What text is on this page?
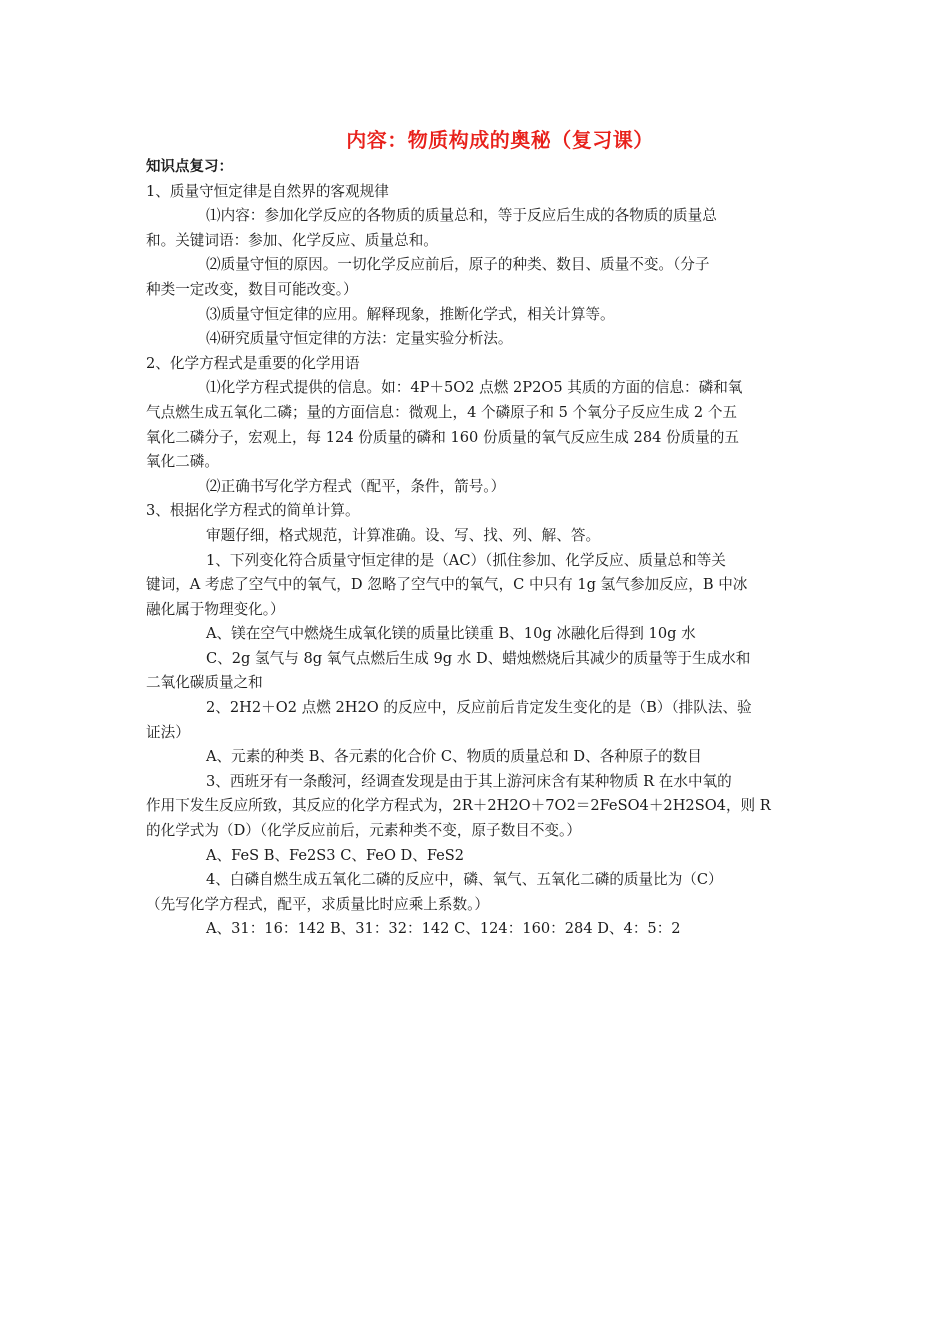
内容：物质构成的奥秘（复习课）

知识点复习：

1、质量守恒定律是自然界的客观规律

⑴内容：参加化学反应的各物质的质量总和，等于反应后生成的各物质的质量总

和。关键词语：参加、化学反应、质量总和。

⑵质量守恒的原因。一切化学反应前后，原子的种类、数目、质量不变。（分子

种类一定改变，数目可能改变。）

⑶质量守恒定律的应用。解释现象，推断化学式，相关计算等。

⑷研究质量守恒定律的方法：定量实验分析法。

2、化学方程式是重要的化学用语

⑴化学方程式提供的信息。如：4P＋5O2 点燃 2P2O5 其质的方面的信息：磷和氧

气点燃生成五氧化二磷；量的方面信息：微观上，4 个磷原子和 5 个氧分子反应生成 2 个五

氧化二磷分子，宏观上，每 124 份质量的磷和 160 份质量的氧气反应生成 284 份质量的五

氧化二磷。

⑵正确书写化学方程式（配平，条件，箭号。）

3、根据化学方程式的简单计算。

审题仔细，格式规范，计算准确。设、写、找、列、解、答。

1、下列变化符合质量守恒定律的是（AC）（抓住参加、化学反应、质量总和等关

键词，A 考虑了空气中的氧气，D 忽略了空气中的氧气，C 中只有 1g 氢气参加反应，B 中冰

融化属于物理变化。）

A、镁在空气中燃烧生成氧化镁的质量比镁重 B、10g 冰融化后得到 10g 水

C、2g 氢气与 8g 氧气点燃后生成 9g 水 D、蜡烛燃烧后其减少的质量等于生成水和

二氧化碳质量之和

2、2H2＋O2 点燃 2H2O 的反应中，反应前后肯定发生变化的是（B）（排队法、验

证法）

A、元素的种类 B、各元素的化合价 C、物质的质量总和 D、各种原子的数目

3、西班牙有一条酸河，经调查发现是由于其上游河床含有某种物质 R 在水中氧的

作用下发生反应所致，其反应的化学方程式为，2R＋2H2O＋7O2＝2FeSO4＋2H2SO4，则 R

的化学式为（D）（化学反应前后，元素种类不变，原子数目不变。）

A、FeS B、Fe2S3 C、FeO D、FeS2

4、白磷自燃生成五氧化二磷的反应中，磷、氧气、五氧化二磷的质量比为（C）

（先写化学方程式，配平，求质量比时应乘上系数。）

A、31：16：142 B、31：32：142 C、124：160：284 D、4：5：2
